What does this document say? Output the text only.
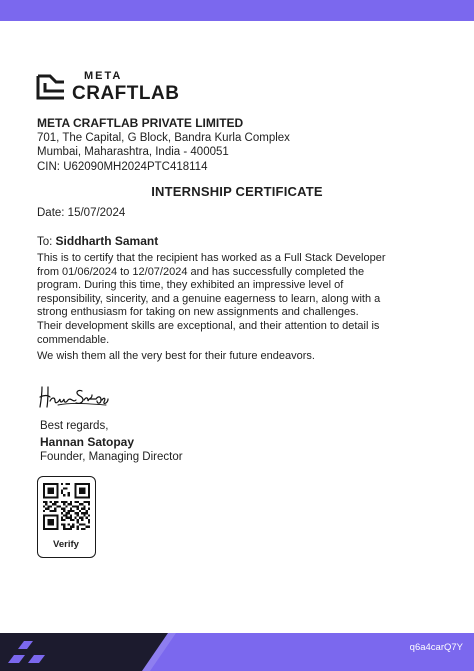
META
CRAFTLAB
META CRAFTLAB PRIVATE LIMITED
701, The Capital, G Block, Bandra Kurla Complex
Mumbai, Maharashtra, India - 400051
CIN: U62090MH2024PTC418114
INTERNSHIP CERTIFICATE
Date: 15/07/2024
To: Siddharth Samant
This is to certify that the recipient has worked as a Full Stack Developer
from 01/06/2024 to 12/07/2024 and has successfully completed the
program. During this time, they exhibited an impressive level of
responsibility, sincerity, and a genuine eagerness to learn, along with a
strong enthusiasm for taking on new assignments and challenges.
Their development skills are exceptional, and their attention to detail is
commendable.
We wish them all the very best for their future endeavors.
Best regards,
Hannan Satopay
Founder, Managing Director
Verify
q6a4carQ7Y
